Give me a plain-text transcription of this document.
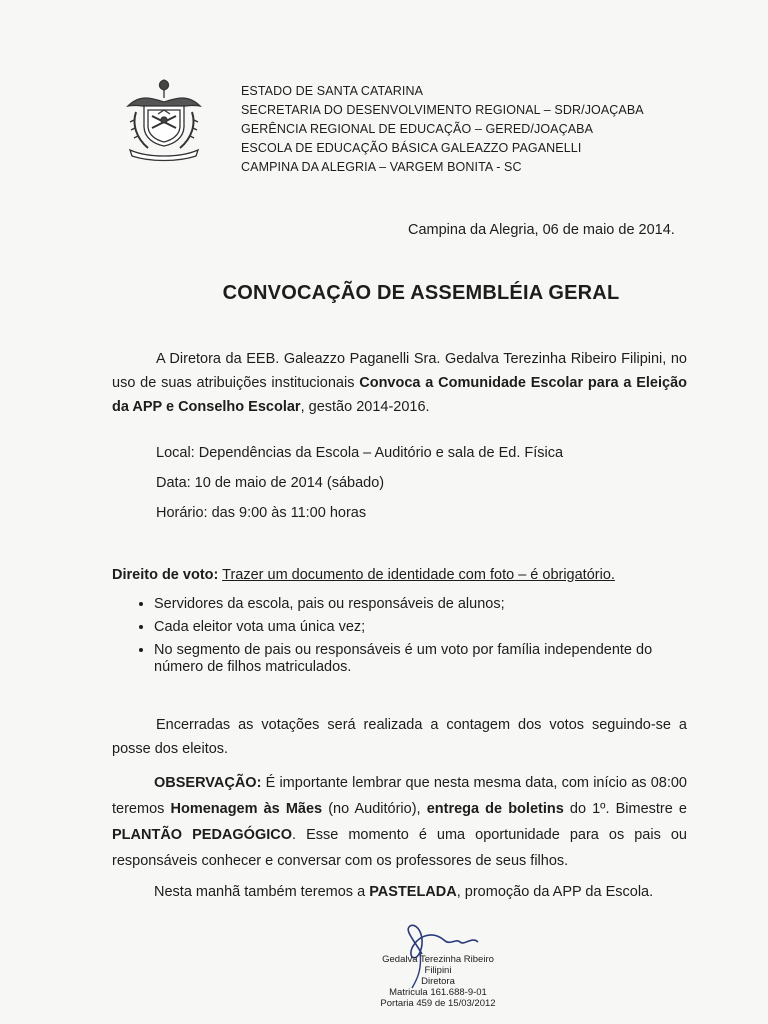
ESTADO DE SANTA CATARINA
SECRETARIA DO DESENVOLVIMENTO REGIONAL – SDR/JOAÇABA
GERÊNCIA REGIONAL DE EDUCAÇÃO – GERED/JOAÇABA
ESCOLA DE EDUCAÇÃO BÁSICA GALEAZZO PAGANELLI
CAMPINA DA ALEGRIA – VARGEM BONITA - SC
Campina da Alegria, 06 de maio de 2014.
CONVOCAÇÃO DE ASSEMBLÉIA GERAL
A Diretora da EEB. Galeazzo Paganelli Sra. Gedalva Terezinha Ribeiro Filipini, no uso de suas atribuições institucionais Convoca a Comunidade Escolar para a Eleição da APP e Conselho Escolar, gestão 2014-2016.
Local: Dependências da Escola – Auditório e sala de Ed. Física
Data: 10 de maio de 2014 (sábado)
Horário: das 9:00 às 11:00 horas
Direito de voto: Trazer um documento de identidade com foto – é obrigatório.
• Servidores da escola, pais ou responsáveis de alunos;
• Cada eleitor vota uma única vez;
• No segmento de pais ou responsáveis é um voto por família independente do número de filhos matriculados.
Encerradas as votações será realizada a contagem dos votos seguindo-se a posse dos eleitos.
OBSERVAÇÃO: É importante lembrar que nesta mesma data, com início as 08:00 teremos Homenagem às Mães (no Auditório), entrega de boletins do 1º. Bimestre e PLANTÃO PEDAGÓGICO. Esse momento é uma oportunidade para os pais ou responsáveis conhecer e conversar com os professores de seus filhos.
Nesta manhã também teremos a PASTELADA, promoção da APP da Escola.
Gedalva Terezinha Ribeiro Filipini
Diretora
Matricula 161.688-9-01
Portaria 459 de 15/03/2012
